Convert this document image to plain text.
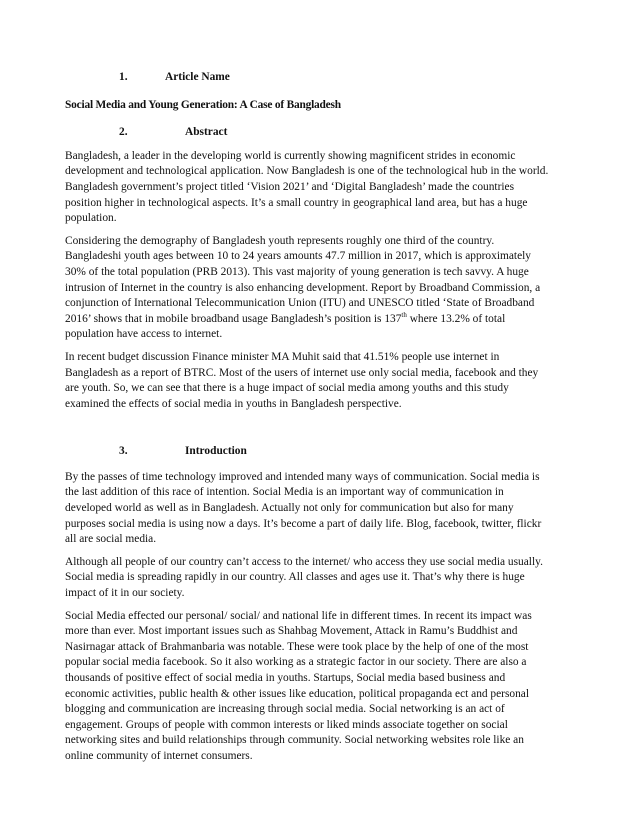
1.	Article Name
Social Media and Young Generation: A Case of Bangladesh
2.	Abstract
Bangladesh, a leader in the developing world is currently showing magnificent strides in economic
development and technological application. Now Bangladesh is one of the technological hub in the world.
Bangladesh government’s project titled ‘Vision 2021’ and ‘Digital Bangladesh’ made the countries
position higher in technological aspects. It’s a small country in geographical land area, but has a huge
population.
Considering the demography of Bangladesh youth represents roughly one third of the country.
Bangladeshi youth ages between 10 to 24 years amounts 47.7 million in 2017, which is approximately
30% of the total population (PRB 2013). This vast majority of young generation is tech savvy. A huge
intrusion of Internet in the country is also enhancing development. Report by Broadband Commission, a
conjunction of International Telecommunication Union (ITU) and UNESCO titled ‘State of Broadband
2016’ shows that in mobile broadband usage Bangladesh’s position is 137th where 13.2% of total
population have access to internet.
In recent budget discussion Finance minister MA Muhit said that 41.51% people use internet in
Bangladesh as a report of BTRC. Most of the users of internet use only social media, facebook and they
are youth. So, we can see that there is a huge impact of social media among youths and this study
examined the effects of social media in youths in Bangladesh perspective.
3.	Introduction
By the passes of time technology improved and intended many ways of communication. Social media is
the last addition of this race of intention. Social Media is an important way of communication in
developed world as well as in Bangladesh. Actually not only for communication but also for many
purposes social media is using now a days. It’s become a part of daily life. Blog, facebook, twitter, flickr
all are social media.
Although all people of our country can’t access to the internet/ who access they use social media usually.
Social media is spreading rapidly in our country. All classes and ages use it. That’s why there is huge
impact of it in our society.
Social Media effected our personal/ social/ and national life in different times. In recent its impact was
more than ever. Most important issues such as Shahbag Movement, Attack in Ramu’s Buddhist and
Nasirnagar attack of Brahmanbaria was notable. These were took place by the help of one of the most
popular social media facebook. So it also working as a strategic factor in our society. There are also a
thousands of positive effect of social media in youths. Startups, Social media based business and
economic activities, public health & other issues like education, political propaganda ect and personal
blogging and communication are increasing through social media. Social networking is an act of
engagement. Groups of people with common interests or liked minds associate together on social
networking sites and build relationships through community. Social networking websites role like an
online community of internet consumers.
